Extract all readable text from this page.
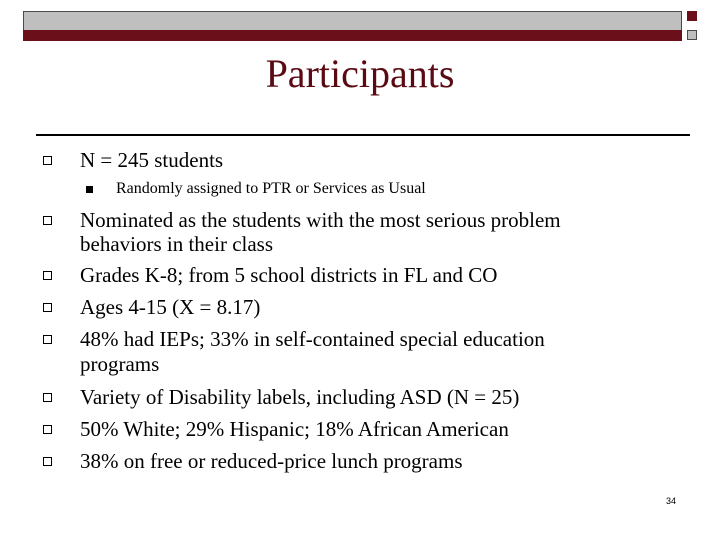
Participants
N = 245 students
Randomly assigned to PTR or Services as Usual
Nominated as the students with the most serious problem
behaviors in their class
Grades K-8; from 5 school districts in FL and CO
Ages 4-15 (X = 8.17)
48% had IEPs; 33% in self-contained special education
programs
Variety of Disability labels, including ASD (N = 25)
50% White; 29% Hispanic; 18% African American
38% on free or reduced-price lunch programs
34
